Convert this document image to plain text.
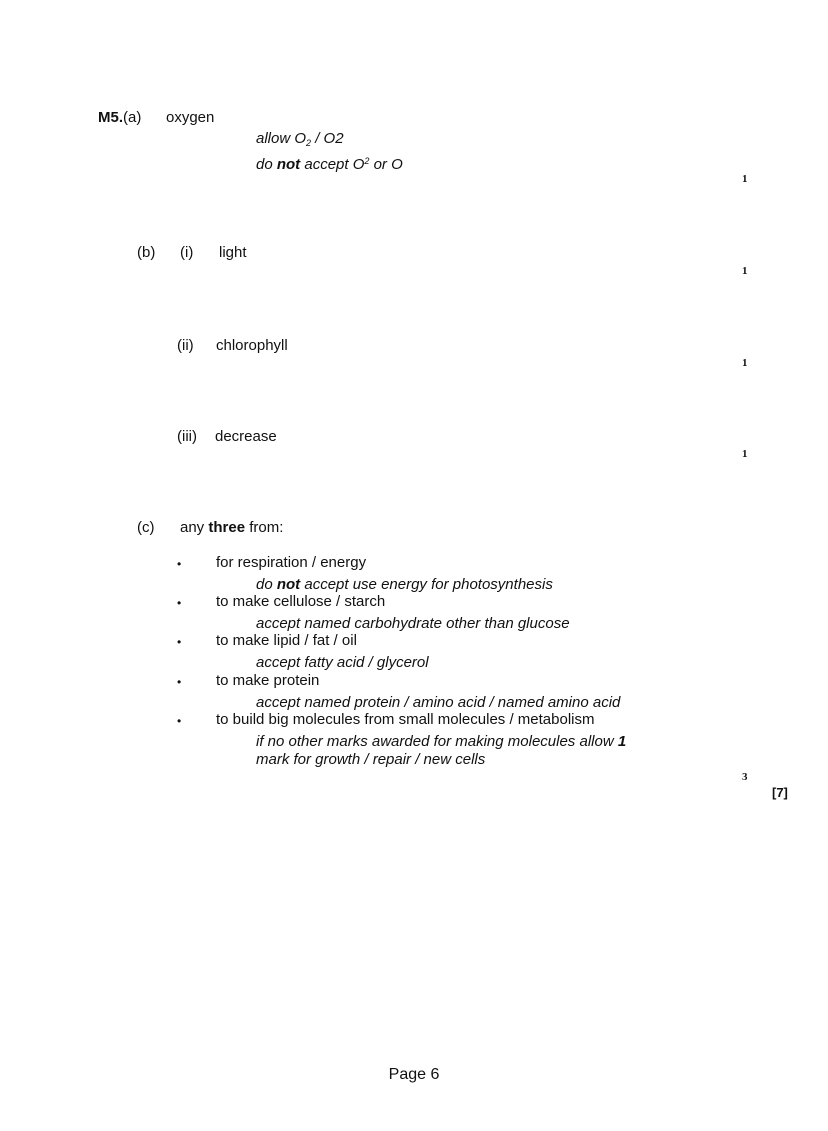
M5.(a) oxygen
allow $O_2 / O2$
do not accept $O^2$ or O
1
(b) (i) light
1
(ii) chlorophyll
1
(iii) decrease
1
(c) any three from:
• for respiration / energy
do not accept use energy for photosynthesis
• to make cellulose / starch
accept named carbohydrate other than glucose
• to make lipid / fat / oil
accept fatty acid / glycerol
• to make protein
accept named protein / amino acid / named amino acid
• to build big molecules from small molecules / metabolism
if no other marks awarded for making molecules allow 1
mark for growth / repair / new cells
3
[7]
Page 6
